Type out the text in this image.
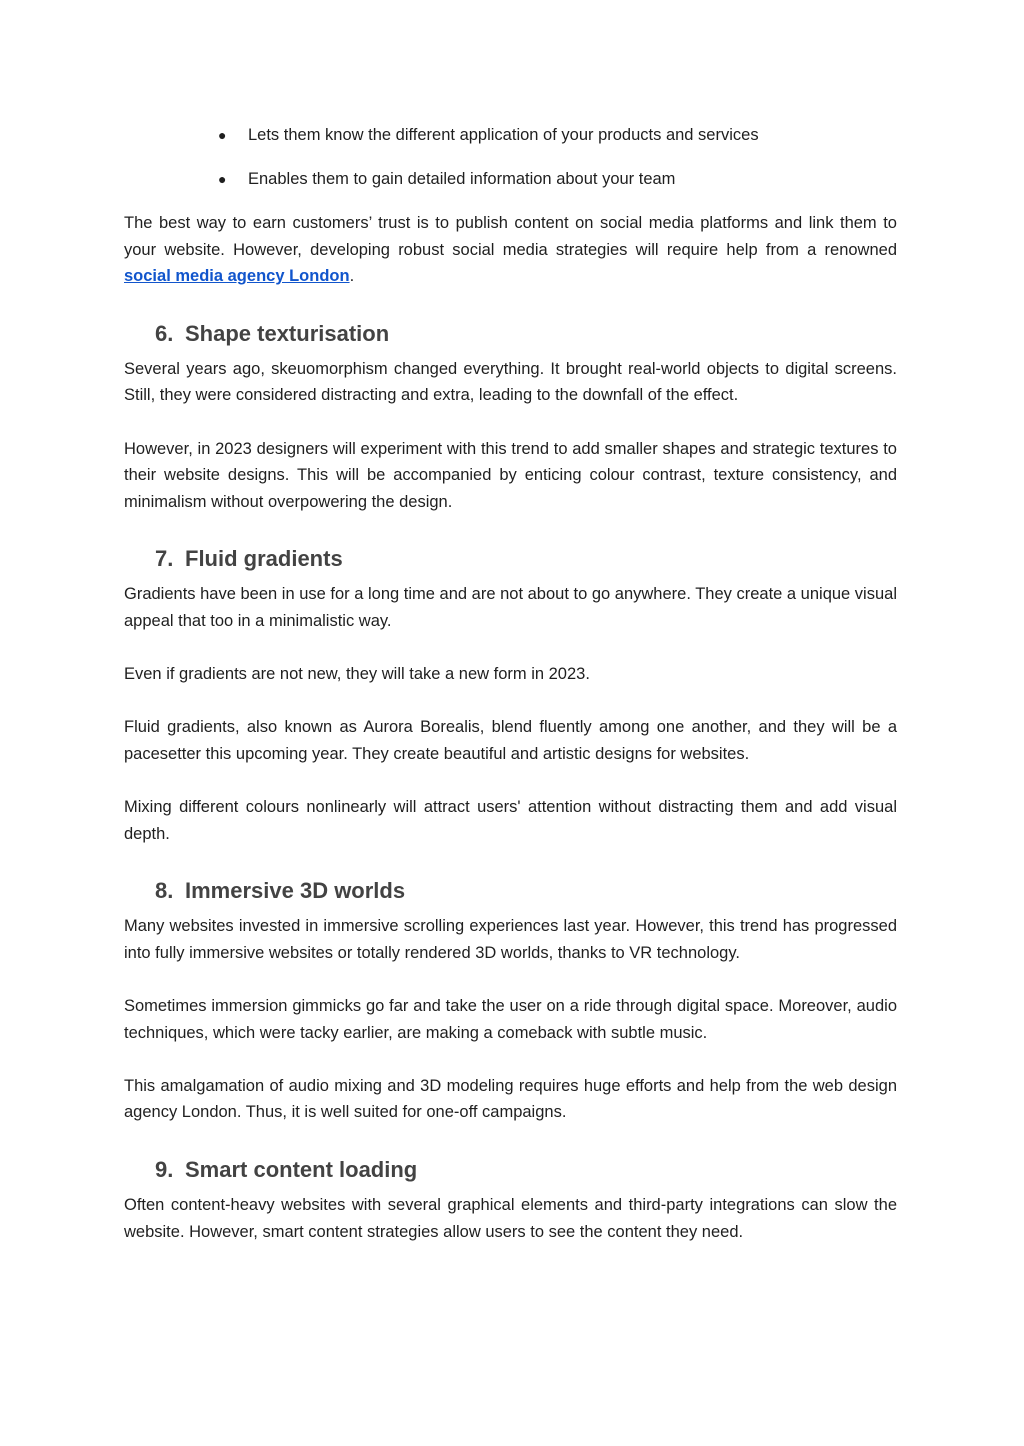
● Lets them know the different application of your products and services
● Enables them to gain detailed information about your team

The best way to earn customers’ trust is to publish content on social media platforms and link them to your website. However, developing robust social media strategies will require help from a renowned social media agency London.

6. Shape texturisation

Several years ago, skeuomorphism changed everything. It brought real-world objects to digital screens. Still, they were considered distracting and extra, leading to the downfall of the effect.

However, in 2023 designers will experiment with this trend to add smaller shapes and strategic textures to their website designs. This will be accompanied by enticing colour contrast, texture consistency, and minimalism without overpowering the design.

7. Fluid gradients

Gradients have been in use for a long time and are not about to go anywhere. They create a unique visual appeal that too in a minimalistic way.

Even if gradients are not new, they will take a new form in 2023.

Fluid gradients, also known as Aurora Borealis, blend fluently among one another, and they will be a pacesetter this upcoming year. They create beautiful and artistic designs for websites.

Mixing different colours nonlinearly will attract users' attention without distracting them and add visual depth.

8. Immersive 3D worlds

Many websites invested in immersive scrolling experiences last year. However, this trend has progressed into fully immersive websites or totally rendered 3D worlds, thanks to VR technology.

Sometimes immersion gimmicks go far and take the user on a ride through digital space. Moreover, audio techniques, which were tacky earlier, are making a comeback with subtle music.

This amalgamation of audio mixing and 3D modeling requires huge efforts and help from the web design agency London. Thus, it is well suited for one-off campaigns.

9. Smart content loading

Often content-heavy websites with several graphical elements and third-party integrations can slow the website. However, smart content strategies allow users to see the content they need.
